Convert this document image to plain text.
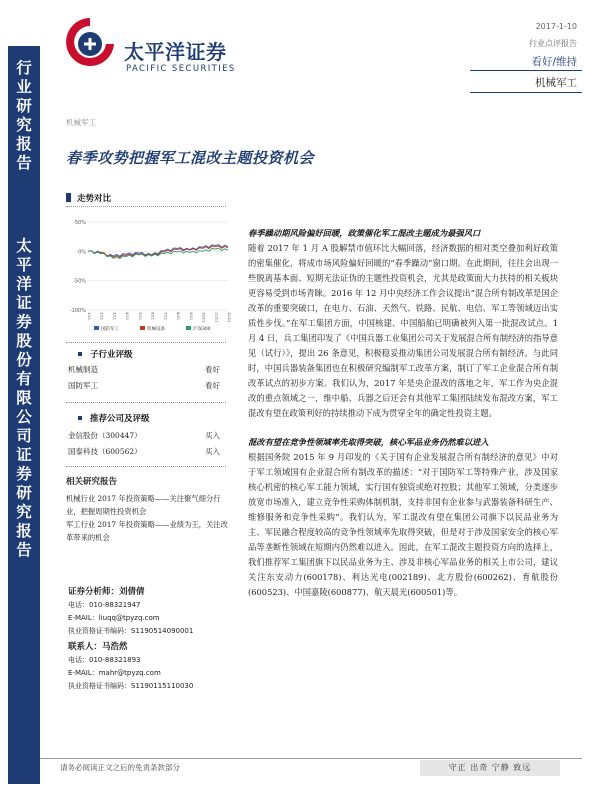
行
业
研
究
报
告
太
平
洋
证
券
股
份
有
限
公
司
证
券
研
究
报
告
太平洋证券
PACIFIC SECURITIES
2017-1-10
行业点评报告
看好/维持
机械军工
机械军工
春季攻势把握军工混改主题投资机会
走势对比
50%
0%
-50%
-100%
1/11 2/11 3/11 4/11 5/11 6/11 7/11 8/11 9/11 10/11 11/11 12/11
国防军工	机械设备	沪深300
子行业评级
机械制造	看好
国防军工	看好
推荐公司及评级
金信股份（300447）	买入
国泰科技（600562）	买入
相关研究报告
机械行业 2017 年投资策略——关注聚气细分行业，把握周期性投资机会
军工行业 2017 年投资策略——业绩为王，关注改革带来的机会
证券分析师：刘倩倩
电话：010-88321947
E-MAIL：liuqq@tpyzq.com
执业资格证书编码：S1190514090001
联系人：马浩然
电话：010-88321893
E-MAIL：mahr@tpyzq.com
执业资格证书编码：S1190115110030
春季躁动期风险偏好回暖，政策催化军工混改主题成为最强风口

随着 2017 年 1 月 A 股解禁市值环比大幅回落，经济数据的相对类空叠加利好政策的密集催化，将成市场风险偏好回暖的“春季躁动”窗口期。在此期间，往往会出现一些脱离基本面、短期无法证伪的主题性投资机会，尤其是政策面大力扶持的相关板块更容易受到市场青睐。2016 年 12 月中央经济工作会议提出“混合所有制改革是国企改革的重要突破口，在电力、石油、天然气、铁路、民航、电信、军工等领域迈出实质性步伐。”在军工集团方面，中国核建、中国船舶已明确被列入第一批混改试点。1 月 4 日，兵工集团印发了《中国兵器工业集团公司关于发展混合所有制经济的指导意见（试行）》，提出 26 条意见，积极稳妥推动集团公司发展混合所有制经济。与此同时，中国兵器装备集团也在积极研究编制军工改革方案，制订了军工企业混合所有制改革试点的初步方案。我们认为，2017 年是央企混改的落地之年，军工作为央企混改的重点领域之一，维中船、兵器之后还会有其他军工集团陆续发布混改方案，军工混改有望在政策利好的持续推动下成为贯穿全年的确定性投资主题。

混改有望在竞争性领域率先取得突破，核心军品业务仍然难以进入

根据国务院 2015 年 9 月印发的《关于国有企业发展混合所有制经济的意见》中对于军工领域国有企业混合所有制改革的描述：“对于国防军工等特殊产业，涉及国家核心机密的核心军工能力领域，实行国有独资或绝对控股；其他军工领域，分类逐步放宽市场准入，建立竞争性采购体制机制，支持非国有企业参与武器装备科研生产、维修服务和竞争性采购”。我们认为，军工混改有望在集团公司旗下以民品业务为主、军民融合程度较高的竞争性领域率先取得突破，但是对于涉及国家安全的核心军品等垄断性领域在短期内仍然难以进入。因此，在军工混改主题投资方向的选择上，我们推荐军工集团旗下以民品业务为主、涉及非核心军品业务的相关上市公司，建议关注东安动力(600178)、利达光电(002189)、北方股份(600262)、育航股份(600523)、中国嘉陵(600877)、航天晨光(600501)等。

请务必阅读正文之后的免责条款部分	守正 出奇 宁静 致远
